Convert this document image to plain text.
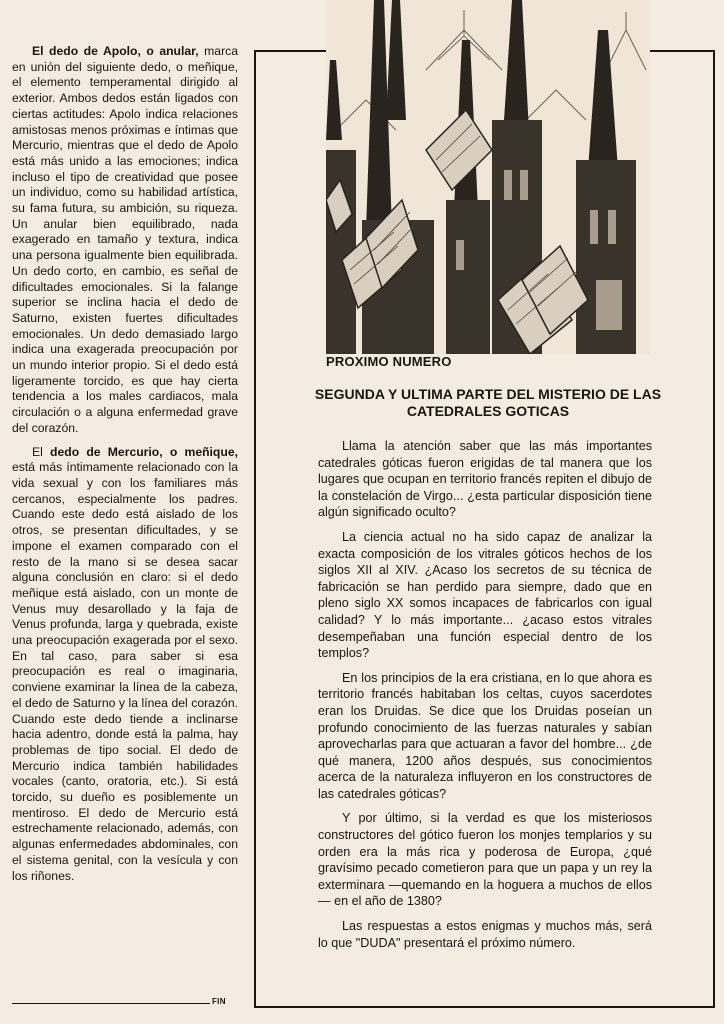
El dedo de Apolo, o anular, marca en unión del siguiente dedo, o meñique, el elemento temperamental dirigido al exterior. Ambos dedos están ligados con ciertas actitudes: Apolo indica relaciones amistosas menos próximas e íntimas que Mercurio, mientras que el dedo de Apolo está más unido a las emociones; indica incluso el tipo de creatividad que posee un individuo, como su habilidad artística, su fama futura, su ambición, su riqueza. Un anular bien equilibrado, nada exagerado en tamaño y textura, indica una persona igualmente bien equilibrada. Un dedo corto, en cambio, es señal de dificultades emocionales. Si la falange superior se inclina hacia el dedo de Saturno, existen fuertes dificultades emocionales. Un dedo demasiado largo indica una exagerada preocupación por un mundo interior propio. Si el dedo está ligeramente torcido, es que hay cierta tendencia a los males cardiacos, mala circulación o a alguna enfermedad grave del corazón.

El dedo de Mercurio, o meñique, está más íntimamente relacionado con la vida sexual y con los familiares más cercanos, especialmente los padres. Cuando este dedo está aislado de los otros, se presentan dificultades, y se impone el examen comparado con el resto de la mano si se desea sacar alguna conclusión en claro: si el dedo meñique está aislado, con un monte de Venus muy desarollado y la faja de Venus profunda, larga y quebrada, existe una preocupación exagerada por el sexo. En tal caso, para saber si esa preocupación es real o imaginaria, conviene examinar la línea de la cabeza, el dedo de Saturno y la línea del corazón. Cuando este dedo tiende a inclinarse hacia adentro, donde está la palma, hay problemas de tipo social. El dedo de Mercurio indica también habilidades vocales (canto, oratoria, etc.). Si está torcido, su dueño es posiblemente un mentiroso. El dedo de Mercurio está estrechamente relacionado, además, con algunas enfermedades abdominales, con el sistema genital, con la vesícula y con los riñones.

FIN
PROXIMO NUMERO
SEGUNDA Y ULTIMA PARTE DEL MISTERIO DE LAS CATEDRALES GOTICAS

Llama la atención saber que las más importantes catedrales góticas fueron erigidas de tal manera que los lugares que ocupan en territorio francés repiten el dibujo de la constelación de Virgo... ¿esta particular disposición tiene algún significado oculto?

La ciencia actual no ha sido capaz de analizar la exacta composición de los vitrales góticos hechos de los siglos XII al XIV. ¿Acaso los secretos de su técnica de fabricación se han perdido para siempre, dado que en pleno siglo XX somos incapaces de fabricarlos con igual calidad? Y lo más importante... ¿acaso estos vitrales desempeñaban una función especial dentro de los templos?

En los principios de la era cristiana, en lo que ahora es territorio francés habitaban los celtas, cuyos sacerdotes eran los Druidas. Se dice que los Druidas poseían un profundo conocimiento de las fuerzas naturales y sabían aprovecharlas para que actuaran a favor del hombre... ¿de qué manera, 1200 años después, sus conocimientos acerca de la naturaleza influyeron en los constructores de las catedrales góticas?

Y por último, si la verdad es que los misteriosos constructores del gótico fueron los monjes templarios y su orden era la más rica y poderosa de Europa, ¿qué gravísimo pecado cometieron para que un papa y un rey la exterminara —quemando en la hoguera a muchos de ellos— en el año de 1380?

Las respuestas a estos enigmas y muchos más, será lo que "DUDA" presentará el próximo número.
